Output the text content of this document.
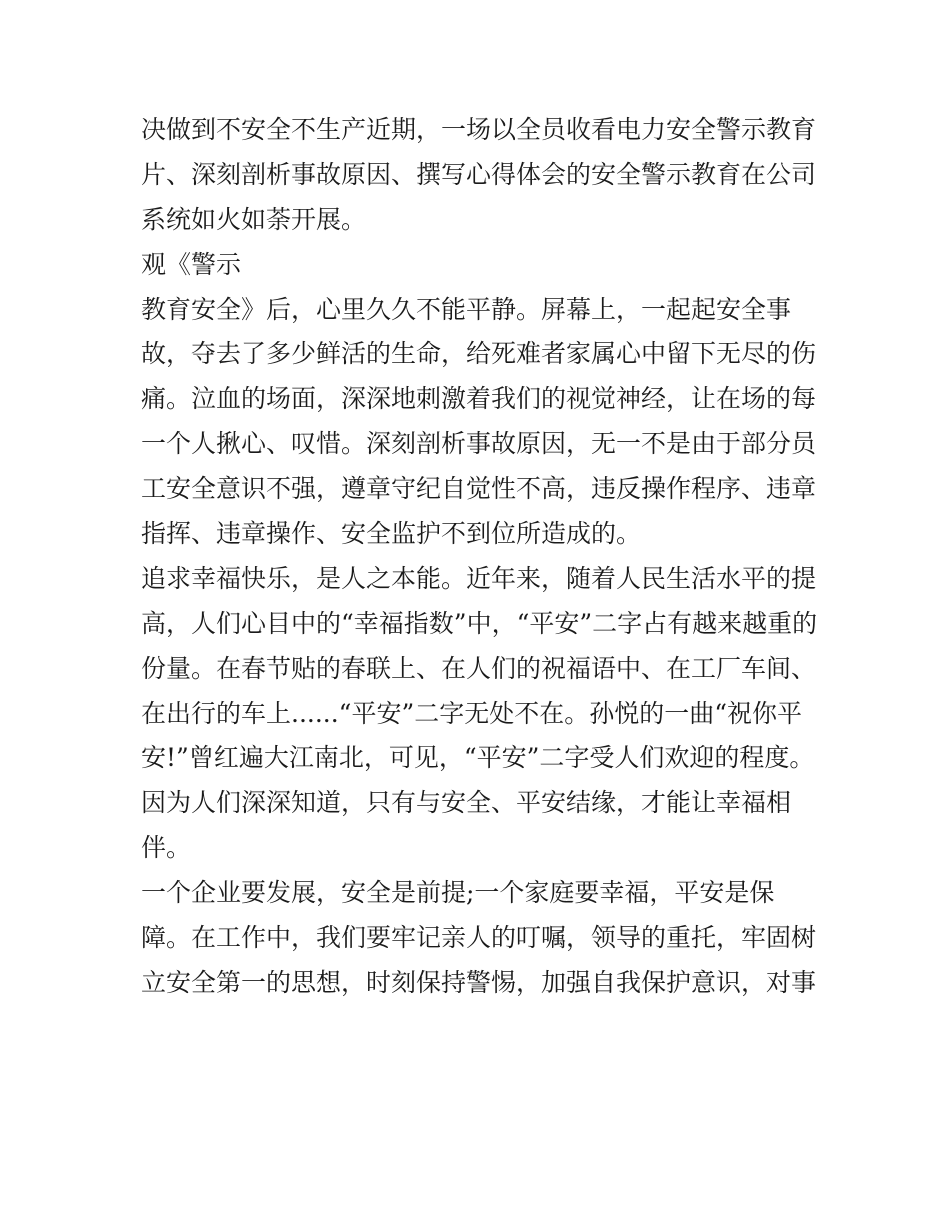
决做到不安全不生产近期，一场以全员收看电力安全警示教育
片、深刻剖析事故原因、撰写心得体会的安全警示教育在公司
系统如火如荼开展。
观《警示
教育安全》后，心里久久不能平静。屏幕上，一起起安全事
故，夺去了多少鲜活的生命，给死难者家属心中留下无尽的伤
痛。泣血的场面，深深地刺激着我们的视觉神经，让在场的每
一个人揪心、叹惜。深刻剖析事故原因，无一不是由于部分员
工安全意识不强，遵章守纪自觉性不高，违反操作程序、违章
指挥、违章操作、安全监护不到位所造成的。
追求幸福快乐，是人之本能。近年来，随着人民生活水平的提
高，人们心目中的“幸福指数”中，“平安”二字占有越来越重的
份量。在春节贴的春联上、在人们的祝福语中、在工厂车间、
在出行的车上......“平安”二字无处不在。孙悦的一曲“祝你平
安!”曾红遍大江南北，可见，“平安”二字受人们欢迎的程度。
因为人们深深知道，只有与安全、平安结缘，才能让幸福相
伴。
一个企业要发展，安全是前提;一个家庭要幸福，平安是保
障。在工作中，我们要牢记亲人的叮嘱，领导的重托，牢固树
立安全第一的思想，时刻保持警惕，加强自我保护意识，对事
